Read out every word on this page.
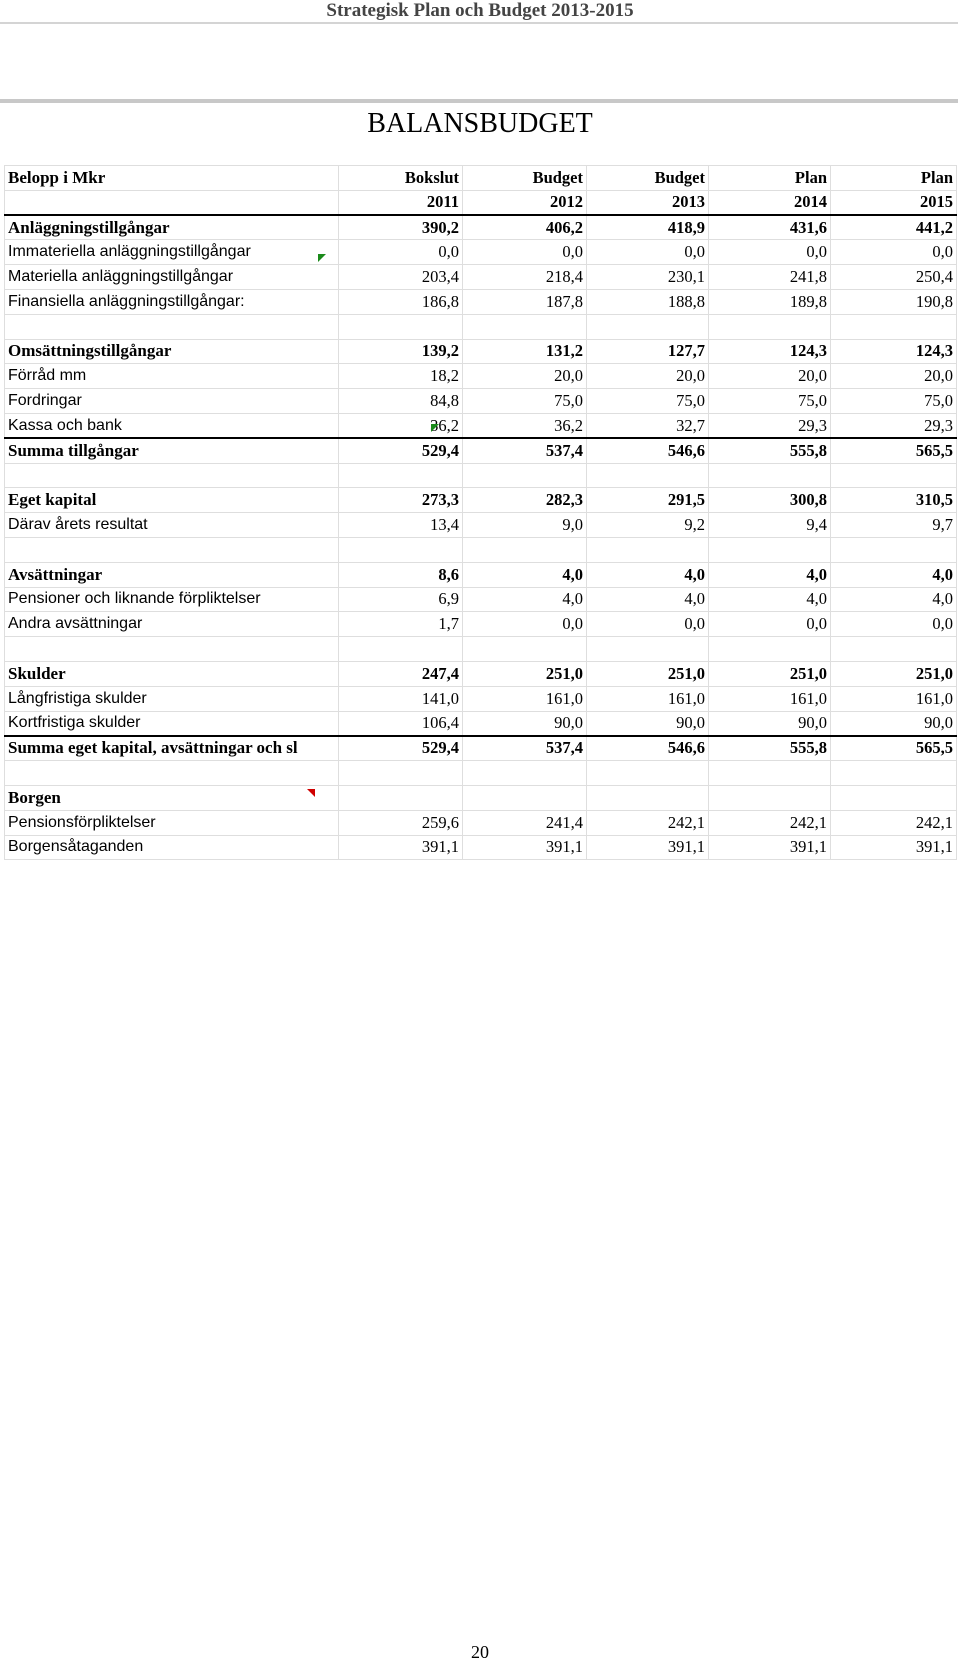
Strategisk Plan och Budget 2013-2015
BALANSBUDGET
Belopp i Mkr	Bokslut	Budget	Budget	Plan	Plan
	2011	2012	2013	2014	2015
Anläggningstillgångar	390,2	406,2	418,9	431,6	441,2
Immateriella anläggningstillgångar	0,0	0,0	0,0	0,0	0,0
Materiella anläggningstillgångar	203,4	218,4	230,1	241,8	250,4
Finansiella anläggningstillgångar:	186,8	187,8	188,8	189,8	190,8

Omsättningstillgångar	139,2	131,2	127,7	124,3	124,3
Förråd mm	18,2	20,0	20,0	20,0	20,0
Fordringar	84,8	75,0	75,0	75,0	75,0
Kassa och bank	36,2	36,2	32,7	29,3	29,3
Summa tillgångar	529,4	537,4	546,6	555,8	565,5

Eget kapital	273,3	282,3	291,5	300,8	310,5
Därav årets resultat	13,4	9,0	9,2	9,4	9,7

Avsättningar	8,6	4,0	4,0	4,0	4,0
Pensioner och liknande förpliktelser	6,9	4,0	4,0	4,0	4,0
Andra avsättningar	1,7	0,0	0,0	0,0	0,0

Skulder	247,4	251,0	251,0	251,0	251,0
Långfristiga skulder	141,0	161,0	161,0	161,0	161,0
Kortfristiga skulder	106,4	90,0	90,0	90,0	90,0
Summa eget kapital, avsättningar och sl	529,4	537,4	546,6	555,8	565,5

Borgen					
Pensionsförpliktelser	259,6	241,4	242,1	242,1	242,1
Borgensåtaganden	391,1	391,1	391,1	391,1	391,1
20
